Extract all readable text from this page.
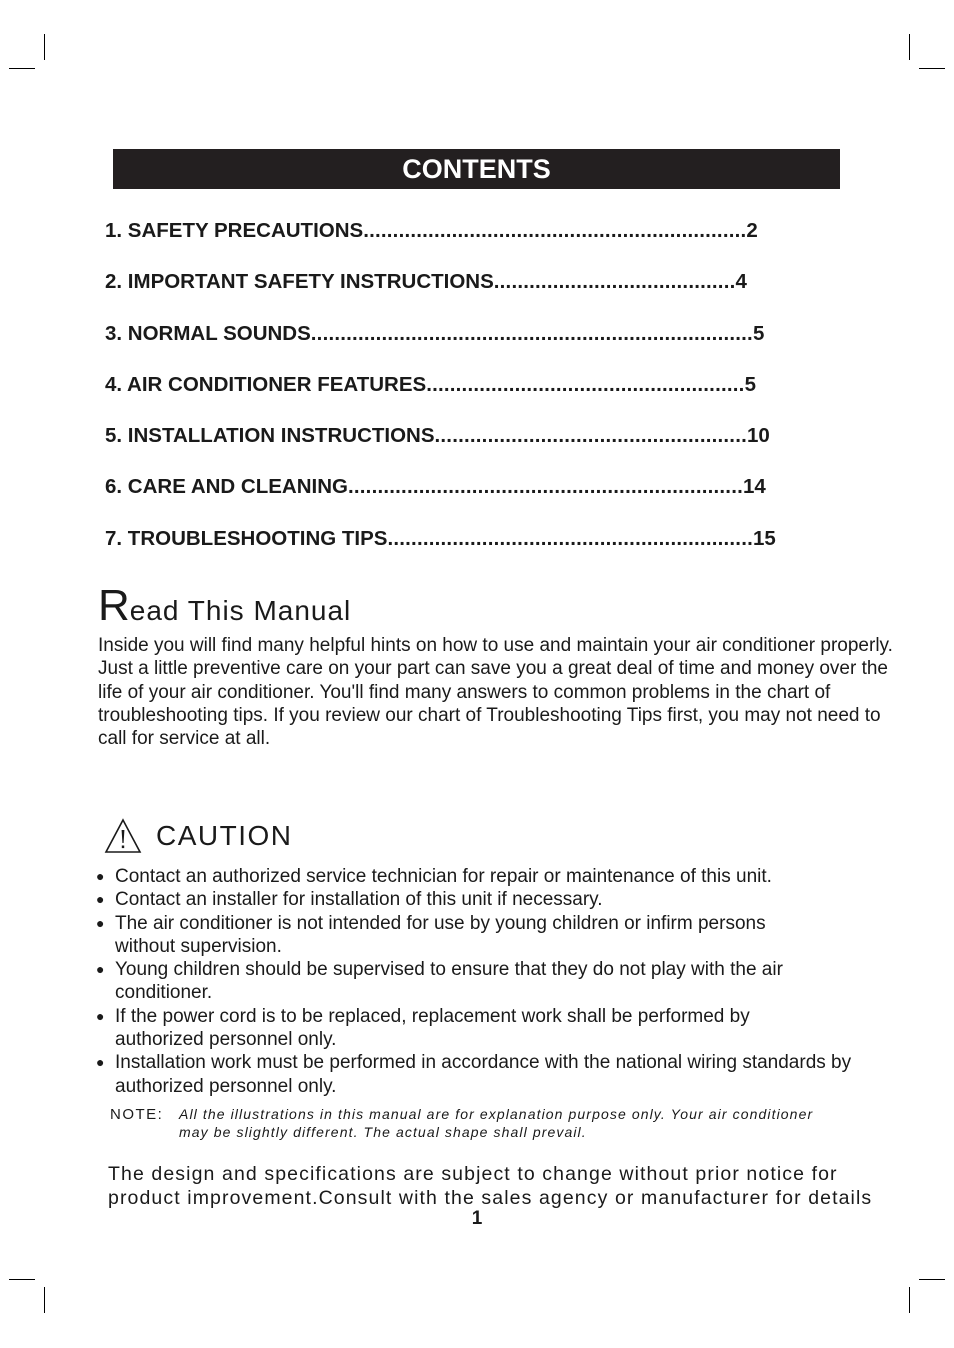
CONTENTS
1. SAFETY PRECAUTIONS ................................................................. 2
2. IMPORTANT SAFETY INSTRUCTIONS ......................................... 4
3. NORMAL SOUNDS ........................................................................... 5
4. AIR CONDITIONER FEATURES ...................................................... 5
5. INSTALLATION INSTRUCTIONS ..................................................... 10
6. CARE AND CLEANING ................................................................... 14
7. TROUBLESHOOTING TIPS .............................................................. 15
Read This Manual

Inside you will find many helpful hints on how to use and maintain your air conditioner properly. Just a little preventive care on your part can save you a great deal of time and money over the life of your air conditioner. You'll find many answers to common problems in the chart of troubleshooting tips. If you review our chart of Troubleshooting Tips first, you may not need to call for service at all.

CAUTION
● Contact an authorized service technician for repair or maintenance of this unit.
● Contact an installer for installation of this unit if necessary.
● The air conditioner is not intended for use by young children or infirm persons without supervision.
● Young children should be supervised to ensure that they do not play with the air conditioner.
● If the power cord is to be replaced, replacement work shall be performed by authorized personnel only.
● Installation work must be performed in accordance with the national wiring standards by authorized personnel only.
NOTE: All the illustrations in this manual are for explanation purpose only. Your air conditioner may be slightly different. The actual shape shall prevail.

The design and specifications are subject to change without prior notice for
product improvement.Consult with the sales agency or manufacturer for details

1
